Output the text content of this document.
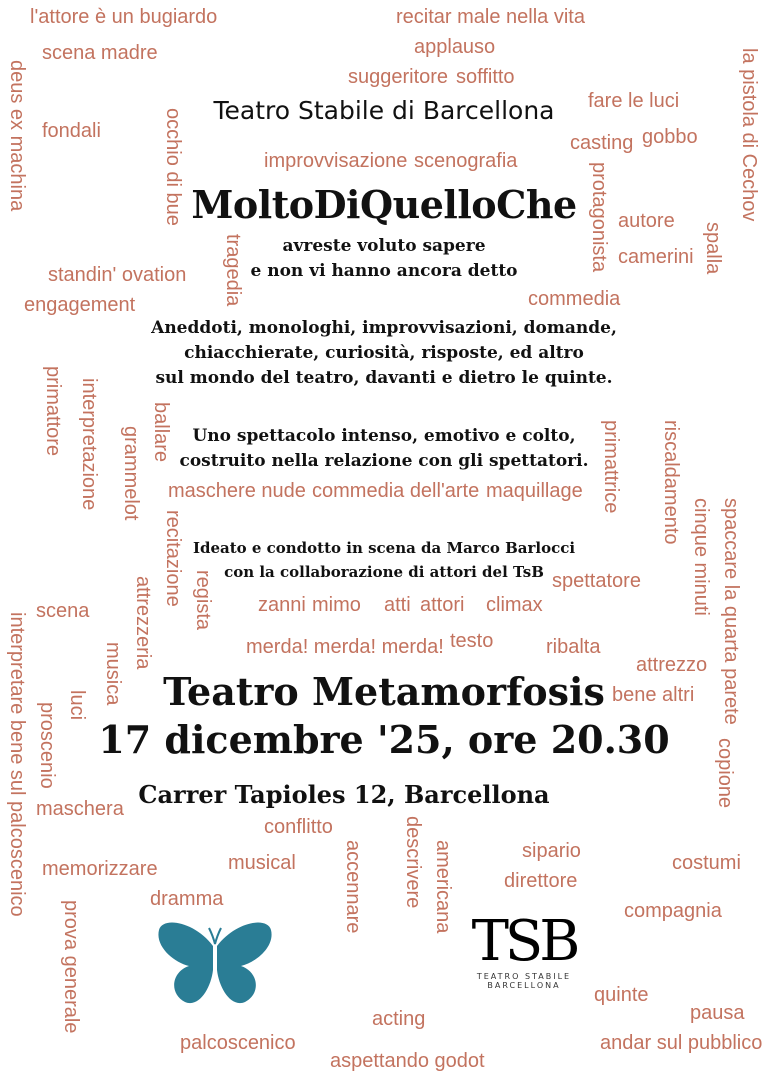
l'attore è un bugiardo	recitar male nella vita
scena madre	applauso
occhio di bue
fare le luci	la pistola di Cechov
fondali
improvvisazione
gobbo
casting
deus ex machina
standin' ovation
suggeritore
autore
spalla
tragedia
scenografia
camerini
engagement
soffitto
protagonista
interpretazione
commedia
maquillage
primattore	ballare	primattrice
grammelot maschere nude commedia dell'arte	riscaldamento
spaccare la quarta parete
cinque minuti
interpretare bene sul palcoscenico	attrezzeria	mimo	attori
spettatore
zanni
regista
recitazione	atti	climax
scena
testo	ribalta
attrezzo
musica
luci
merda! merda! merda!
bene altri
proscenio
conflitto
copione
descrivere
maschera
musical
sipario
costumi
memorizzare	accennare	americana	compagnia
prova generale
direttore
quinte
andar sul pubblico
palcoscenico
acting
aspettando godot
pausa
dramma
Teatro Stabile di Barcellona
MoltoDiQuelloChe
avreste voluto sapere
e non vi hanno ancora detto
Aneddoti, monologhi, improvvisazioni, domande,
chiacchierate, curiosità, risposte, ed altro
sul mondo del teatro, davanti e dietro le quinte.
Uno spettacolo intenso, emotivo e colto,
costruito nella relazione con gli spettatori.
Ideato e condotto in scena da Marco Barlocci
con la collaborazione di attori del TsB
Teatro Metamorfosis
17 dicembre '25, ore 20.30
Carrer Tapioles 12, Barcellona
TSB
TEATRO STABILE
BARCELLONA
